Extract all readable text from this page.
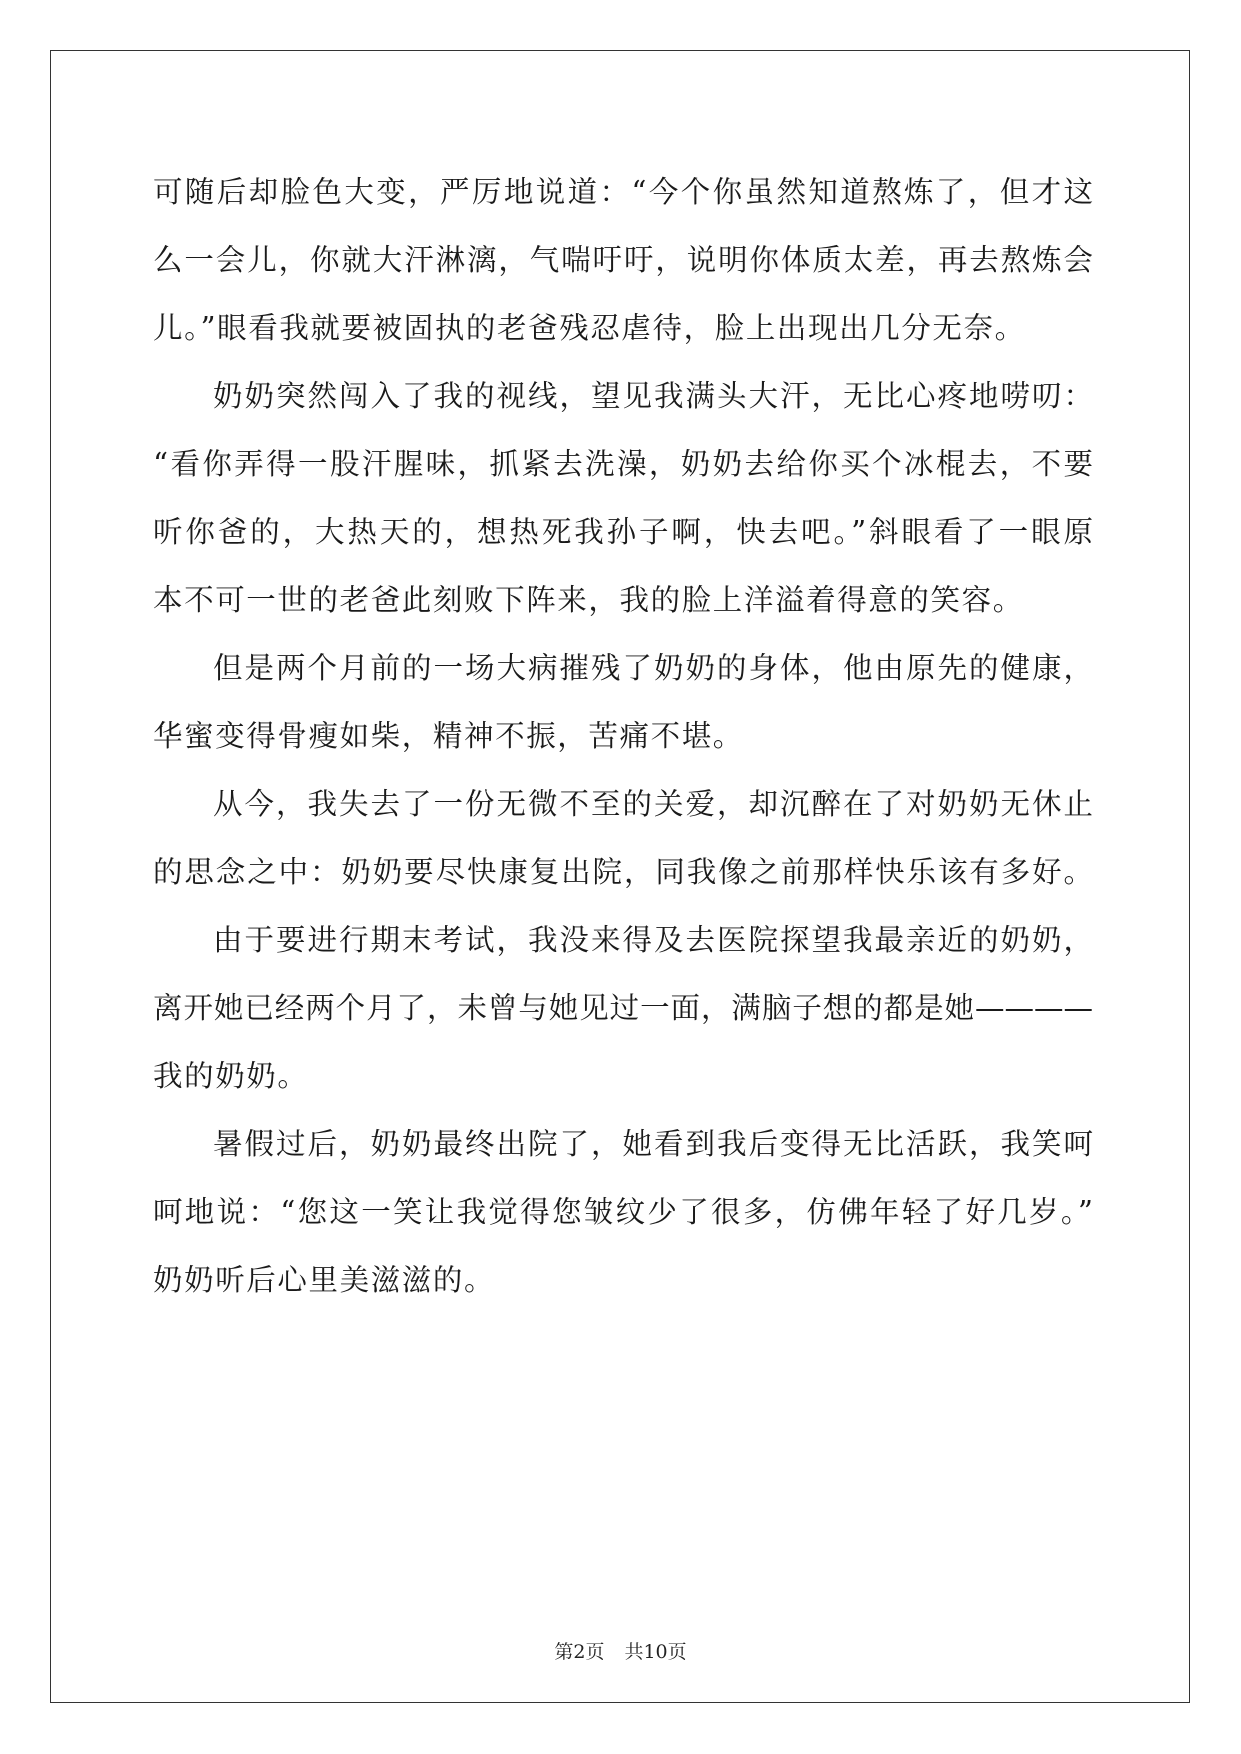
可随后却脸色大变，严厉地说道：“今个你虽然知道熬炼了，但才这
么一会儿，你就大汗淋漓，气喘吁吁，说明你体质太差，再去熬炼会
儿。”眼看我就要被固执的老爸残忍虐待，脸上出现出几分无奈。
奶奶突然闯入了我的视线，望见我满头大汗，无比心疼地唠叨：
“看你弄得一股汗腥味，抓紧去洗澡，奶奶去给你买个冰棍去，不要
听你爸的，大热天的，想热死我孙子啊，快去吧。”斜眼看了一眼原
本不可一世的老爸此刻败下阵来，我的脸上洋溢着得意的笑容。
但是两个月前的一场大病摧残了奶奶的身体，他由原先的健康，
华蜜变得骨瘦如柴，精神不振，苦痛不堪。
从今，我失去了一份无微不至的关爱，却沉醉在了对奶奶无休止
的思念之中：奶奶要尽快康复出院，同我像之前那样快乐该有多好。
由于要进行期末考试，我没来得及去医院探望我最亲近的奶奶，
离开她已经两个月了，未曾与她见过一面，满脑子想的都是她————
我的奶奶。
暑假过后，奶奶最终出院了，她看到我后变得无比活跃，我笑呵
呵地说：“您这一笑让我觉得您皱纹少了很多，仿佛年轻了好几岁。”
奶奶听后心里美滋滋的。
第2页 共10页
